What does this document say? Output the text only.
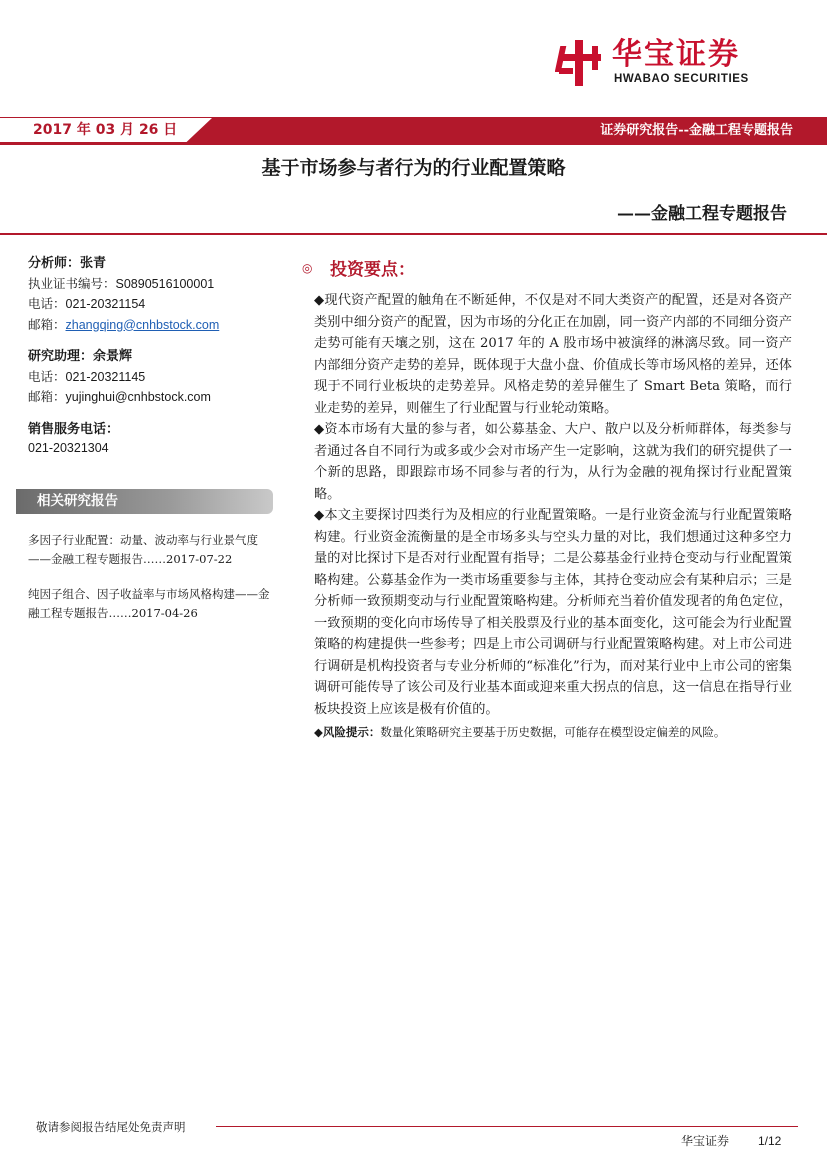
华宝证券
HWABAO SECURITIES
2017 年 03 月 26 日	证券研究报告--金融工程专题报告
基于市场参与者行为的行业配置策略
——金融工程专题报告
分析师：张青
执业证书编号：S0890516100001
电话：021-20321154
邮箱：zhangqing@cnhbstock.com
研究助理：余景辉
电话：021-20321145
邮箱：yujinghui@cnhbstock.com
销售服务电话：
021-20321304
相关研究报告
多因子行业配置：动量、波动率与行业景气度——金融工程专题报告……2017-07-22
纯因子组合、因子收益率与市场风格构建——金融工程专题报告……2017-04-26
◎ 投资要点：

◆现代资产配置的触角在不断延伸，不仅是对不同大类资产的配置，还是对各资产类别中细分资产的配置，因为市场的分化正在加剧，同一资产内部的不同细分资产走势可能有天壤之别，这在 2017 年的 A 股市场中被演绎的淋漓尽致。同一资产内部细分资产走势的差异，既体现于大盘小盘、价值成长等市场风格的差异，还体现于不同行业板块的走势差异。风格走势的差异催生了 Smart Beta 策略，而行业走势的差异，则催生了行业配置与行业轮动策略。

◆资本市场有大量的参与者，如公募基金、大户、散户以及分析师群体，每类参与者通过各自不同行为或多或少会对市场产生一定影响，这就为我们的研究提供了一个新的思路，即跟踪市场不同参与者的行为，从行为金融的视角探讨行业配置策略。

◆本文主要探讨四类行为及相应的行业配置策略。一是行业资金流与行业配置策略构建。行业资金流衡量的是全市场多头与空头力量的对比，我们想通过这种多空力量的对比探讨下是否对行业配置有指导；二是公募基金行业持仓变动与行业配置策略构建。公募基金作为一类市场重要参与主体，其持仓变动应会有某种启示；三是分析师一致预期变动与行业配置策略构建。分析师充当着价值发现者的角色定位，一致预期的变化向市场传导了相关股票及行业的基本面变化，这可能会为行业配置策略的构建提供一些参考；四是上市公司调研与行业配置策略构建。对上市公司进行调研是机构投资者与专业分析师的“标准化”行为，而对某行业中上市公司的密集调研可能传导了该公司及行业基本面或迎来重大拐点的信息，这一信息在指导行业板块投资上应该是极有价值的。

◆风险提示：数量化策略研究主要基于历史数据，可能存在模型设定偏差的风险。
敬请参阅报告结尾处免责声明
华宝证券 1/12
